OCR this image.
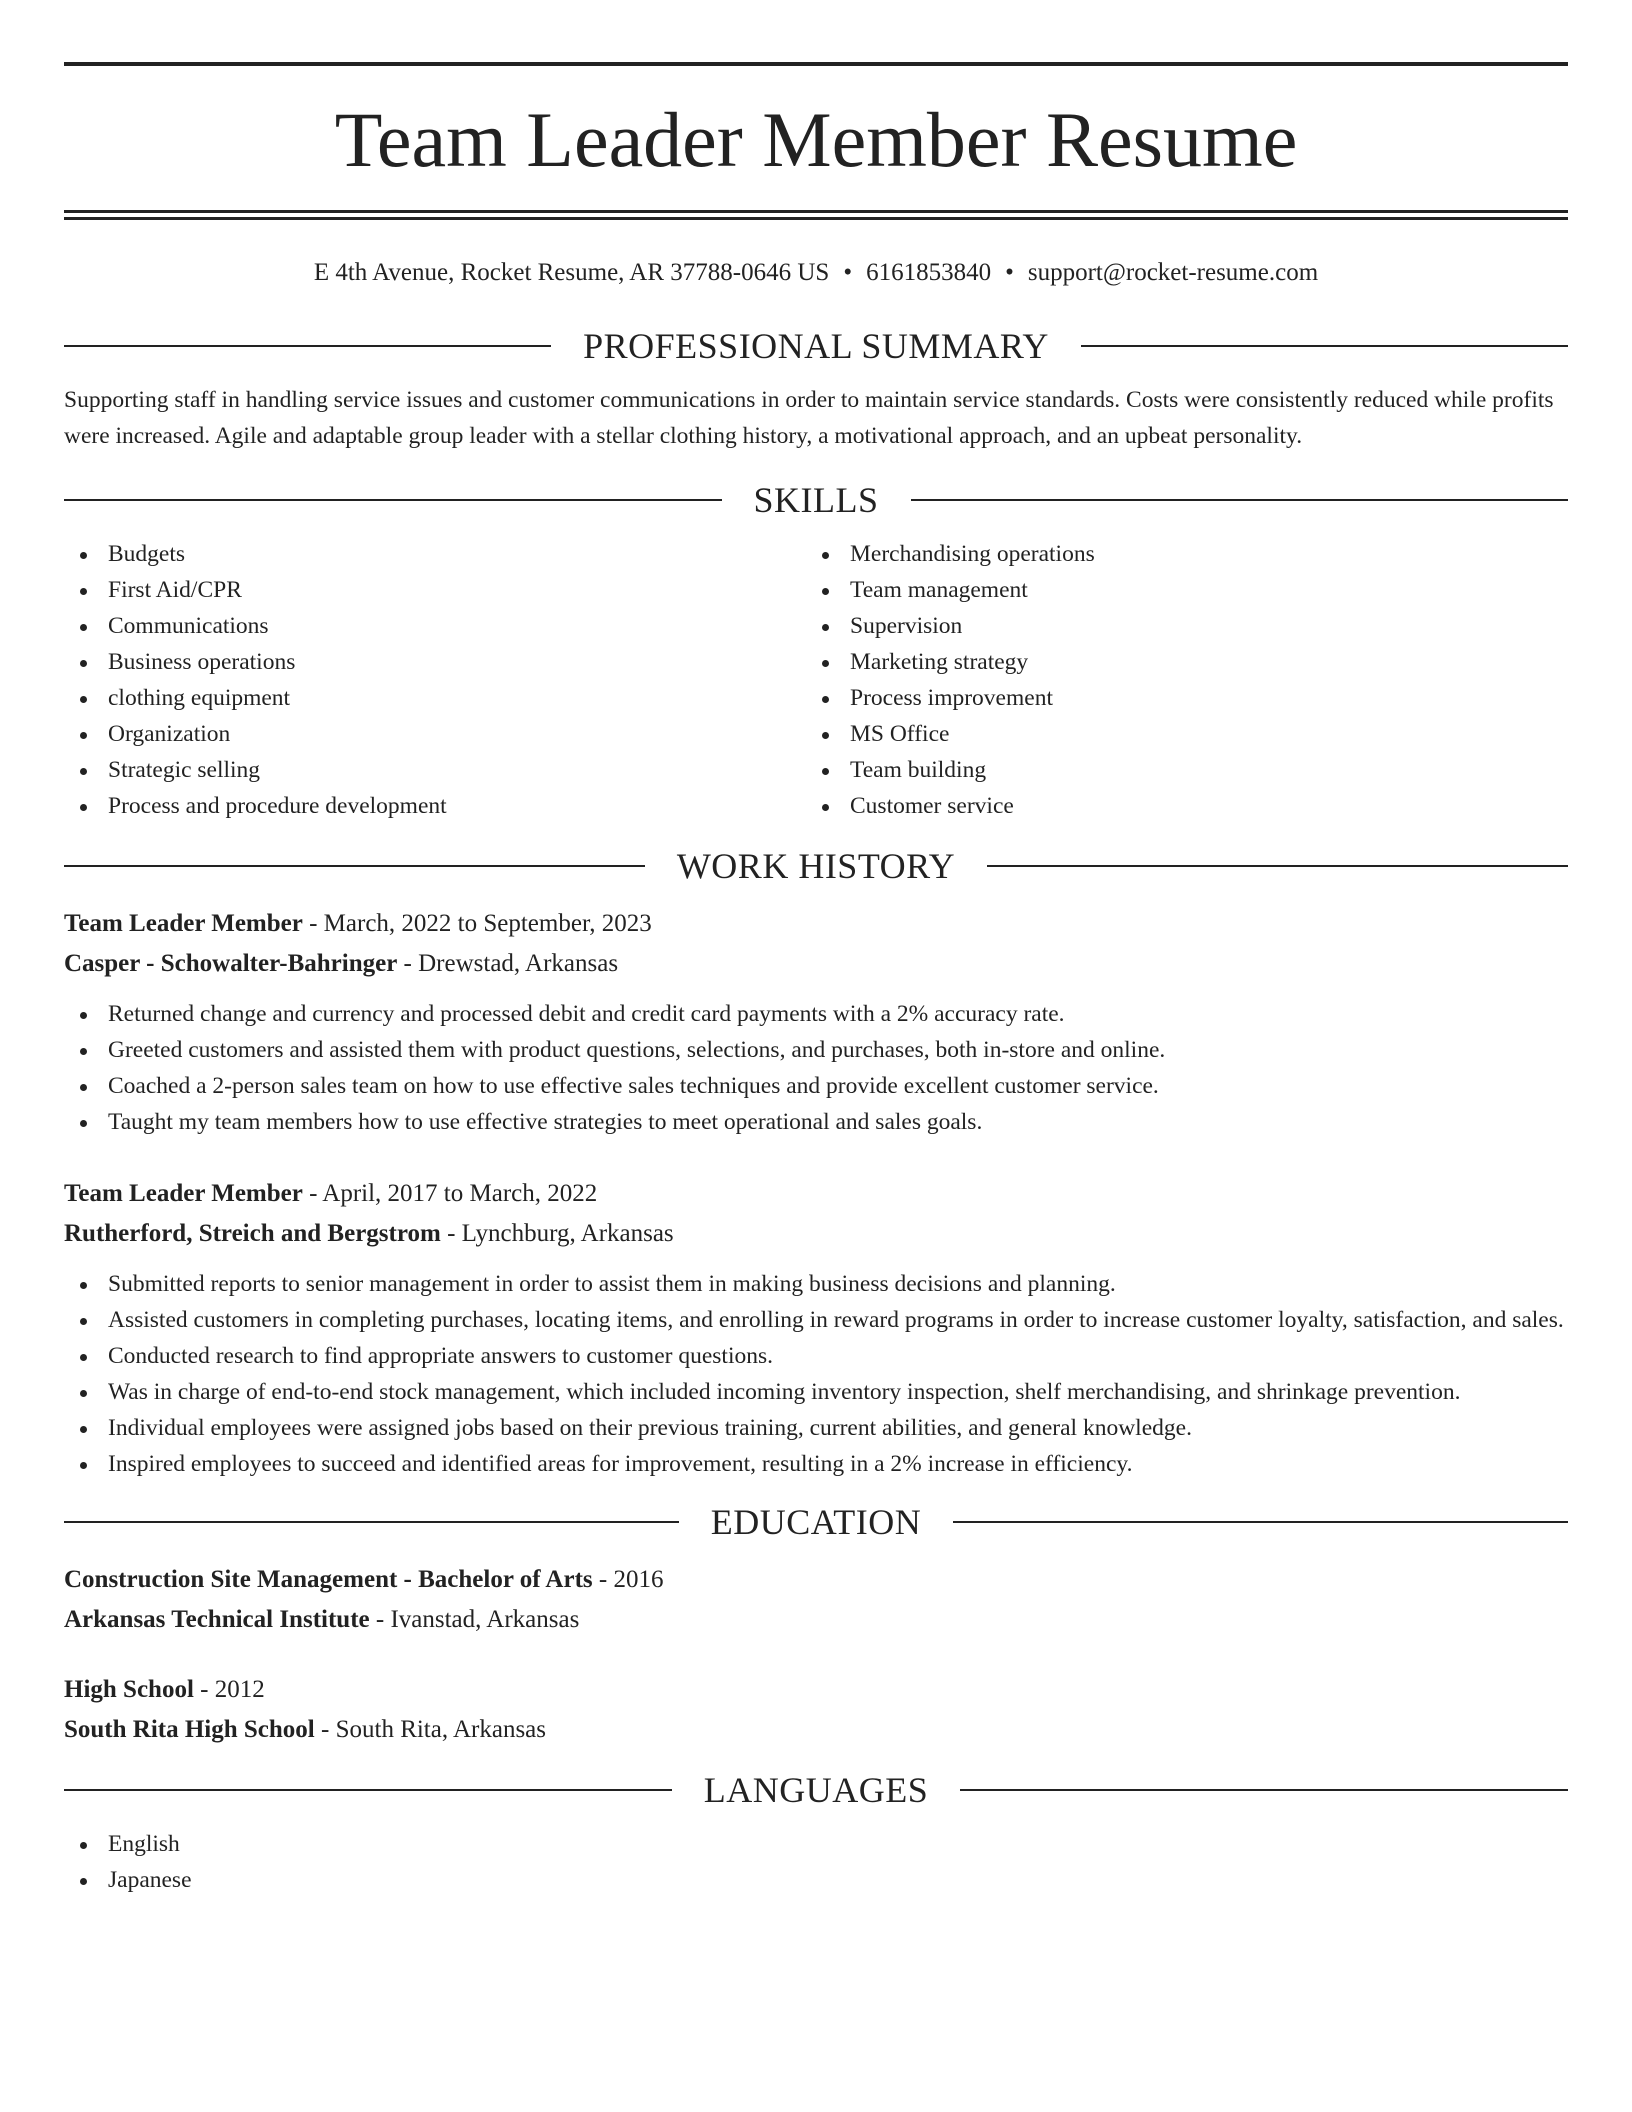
Team Leader Member Resume
E 4th Avenue, Rocket Resume, AR 37788-0646 US • 6161853840 • support@rocket-resume.com
PROFESSIONAL SUMMARY

Supporting staff in handling service issues and customer communications in order to maintain service standards. Costs were consistently reduced while profits were increased. Agile and adaptable group leader with a stellar clothing history, a motivational approach, and an upbeat personality.

SKILLS
Budgets
First Aid/CPR
Communications
Business operations
clothing equipment
Organization
Strategic selling
Process and procedure development
Merchandising operations
Team management
Supervision
Marketing strategy
Process improvement
MS Office
Team building
Customer service
WORK HISTORY
Team Leader Member - March, 2022 to September, 2023
Casper - Schowalter-Bahringer - Drewstad, Arkansas
Returned change and currency and processed debit and credit card payments with a 2% accuracy rate.
Greeted customers and assisted them with product questions, selections, and purchases, both in-store and online.
Coached a 2-person sales team on how to use effective sales techniques and provide excellent customer service.
Taught my team members how to use effective strategies to meet operational and sales goals.
Team Leader Member - April, 2017 to March, 2022
Rutherford, Streich and Bergstrom - Lynchburg, Arkansas
Submitted reports to senior management in order to assist them in making business decisions and planning.
Assisted customers in completing purchases, locating items, and enrolling in reward programs in order to increase customer loyalty, satisfaction, and sales.
Conducted research to find appropriate answers to customer questions.
Was in charge of end-to-end stock management, which included incoming inventory inspection, shelf merchandising, and shrinkage prevention.
Individual employees were assigned jobs based on their previous training, current abilities, and general knowledge.
Inspired employees to succeed and identified areas for improvement, resulting in a 2% increase in efficiency.
EDUCATION
Construction Site Management - Bachelor of Arts - 2016
Arkansas Technical Institute - Ivanstad, Arkansas
High School - 2012
South Rita High School - South Rita, Arkansas
LANGUAGES
English
Japanese
